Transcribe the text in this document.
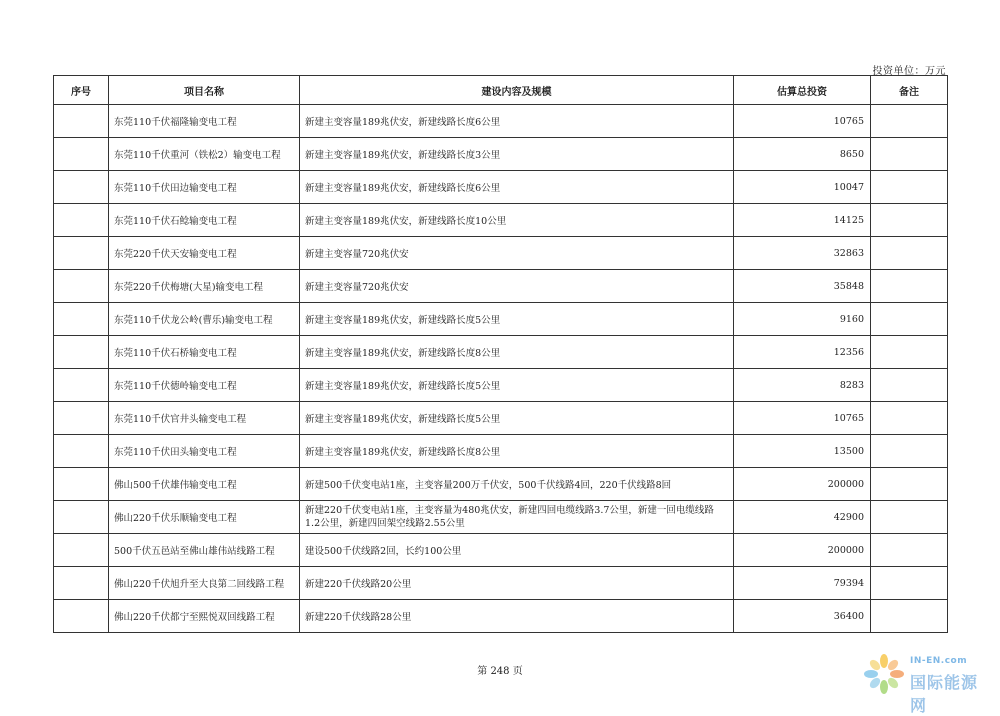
投资单位：万元
序号	项目名称	建设内容及规模	估算总投资	备注
	东莞110千伏福隆输变电工程	新建主变容量189兆伏安，新建线路长度6公里	10765	
	东莞110千伏重河（铁松2）输变电工程	新建主变容量189兆伏安，新建线路长度3公里	8650	
	东莞110千伏田边输变电工程	新建主变容量189兆伏安，新建线路长度6公里	10047	
	东莞110千伏石鲶输变电工程	新建主变容量189兆伏安，新建线路长度10公里	14125	
	东莞220千伏天安输变电工程	新建主变容量720兆伏安	32863	
	东莞220千伏梅塘(大星)输变电工程	新建主变容量720兆伏安	35848	
	东莞110千伏龙公岭(曹乐)输变电工程	新建主变容量189兆伏安，新建线路长度5公里	9160	
	东莞110千伏石桥输变电工程	新建主变容量189兆伏安，新建线路长度8公里	12356	
	东莞110千伏德岭输变电工程	新建主变容量189兆伏安，新建线路长度5公里	8283	
	东莞110千伏官井头输变电工程	新建主变容量189兆伏安，新建线路长度5公里	10765	
	东莞110千伏田头输变电工程	新建主变容量189兆伏安，新建线路长度8公里	13500	
	佛山500千伏雄伟输变电工程	新建500千伏变电站1座，主变容量200万千伏安，500千伏线路4回，220千伏线路8回	200000	
	佛山220千伏乐顺输变电工程	新建220千伏变电站1座，主变容量为480兆伏安，新建四回电缆线路3.7公里，新建一回电缆线路1.2公里，新建四回架空线路2.55公里	42900	
	500千伏五邑站至佛山雄伟站线路工程	建设500千伏线路2回，长约100公里	200000	
	佛山220千伏旭升至大良第二回线路工程	新建220千伏线路20公里	79394	
	佛山220千伏都宁至熙悦双回线路工程	新建220千伏线路28公里	36400	
第 248 页
IN-EN.com
国际能源网
